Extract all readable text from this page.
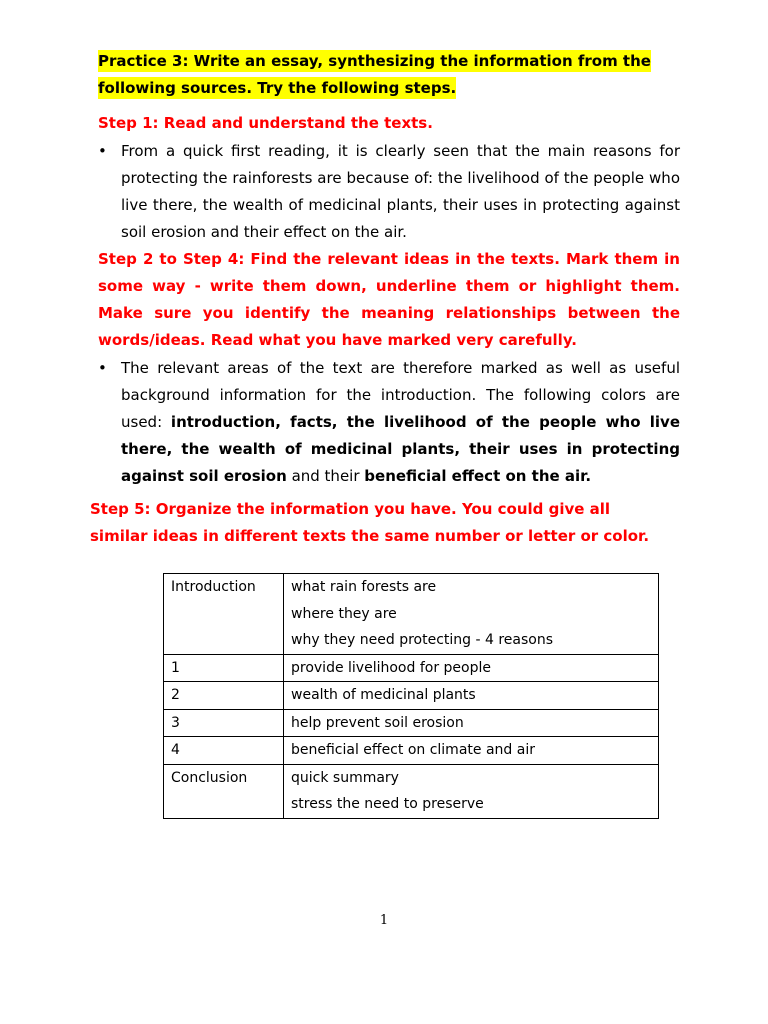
Practice 3: Write an essay, synthesizing the information from the
following sources. Try the following steps.
Step 1: Read and understand the texts.
• From a quick first reading, it is clearly seen that the main reasons for protecting the rainforests are because of: the livelihood of the people who live there, the wealth of medicinal plants, their uses in protecting against soil erosion and their effect on the air.
Step 2 to Step 4: Find the relevant ideas in the texts. Mark them in some way - write them down, underline them or highlight them. Make sure you identify the meaning relationships between the words/ideas. Read what you have marked very carefully.
• The relevant areas of the text are therefore marked as well as useful background information for the introduction. The following colors are used: introduction, facts, the livelihood of the people who live there, the wealth of medicinal plants, their uses in protecting against soil erosion and their beneficial effect on the air.
Step 5: Organize the information you have. You could give all
similar ideas in different texts the same number or letter or color.
Introduction	what rain forests are
where they are
why they need protecting - 4 reasons

1	provide livelihood for people
2	wealth of medicinal plants
3	help prevent soil erosion
4	beneficial effect on climate and air
Conclusion	quick summary
stress the need to preserve
1
